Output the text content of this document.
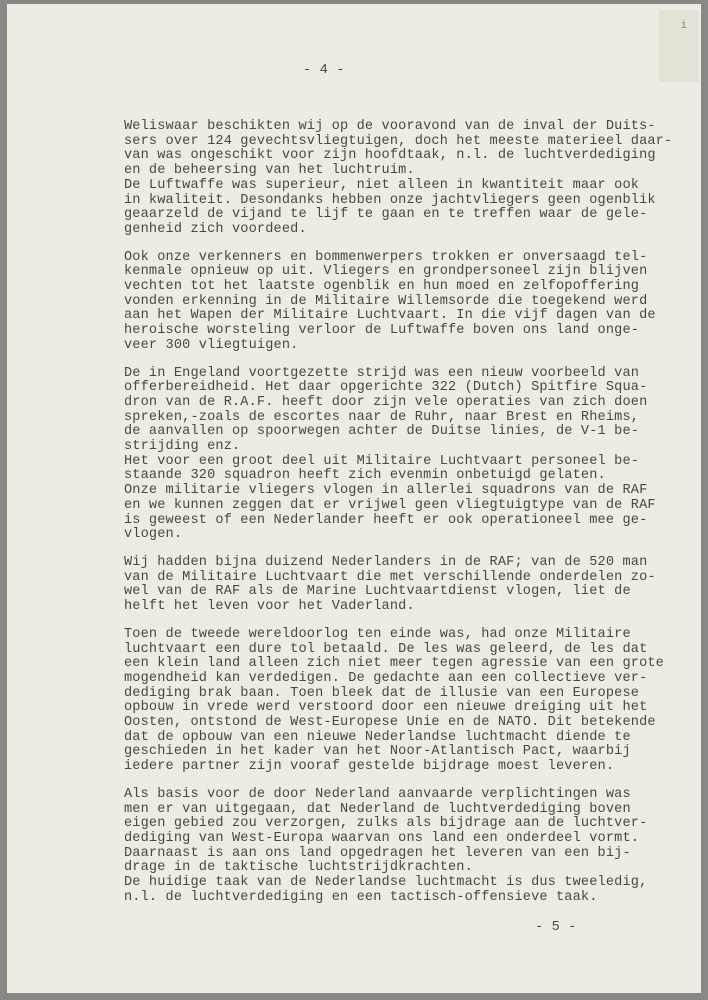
i
- 4 -
Weliswaar beschikten wij op de vooravond van de inval der Duits-
sers over 124 gevechtsvliegtuigen, doch het meeste materieel daar-
van was ongeschikt voor zijn hoofdtaak, n.l. de luchtverdediging
en de beheersing van het luchtruim.
De Luftwaffe was superieur, niet alleen in kwantiteit maar ook
in kwaliteit. Desondanks hebben onze jachtvliegers geen ogenblik
geaarzeld de vijand te lijf te gaan en te treffen waar de gele-
genheid zich voordeed.
Ook onze verkenners en bommenwerpers trokken er onversaagd tel-
kenmale opnieuw op uit. Vliegers en grondpersoneel zijn blijven
vechten tot het laatste ogenblik en hun moed en zelfopoffering
vonden erkenning in de Militaire Willemsorde die toegekend werd
aan het Wapen der Militaire Luchtvaart. In die vijf dagen van de
heroische worsteling verloor de Luftwaffe boven ons land onge-
veer 300 vliegtuigen.
De in Engeland voortgezette strijd was een nieuw voorbeeld van
offerbereidheid. Het daar opgerichte 322 (Dutch) Spitfire Squa-
dron van de R.A.F. heeft door zijn vele operaties van zich doen
spreken,-zoals de escortes naar de Ruhr, naar Brest en Rheims,
de aanvallen op spoorwegen achter de Duitse linies, de V-1 be-
strijding enz.
Het voor een groot deel uit Militaire Luchtvaart personeel be-
staande 320 squadron heeft zich evenmin onbetuigd gelaten.
Onze militarie vliegers vlogen in allerlei squadrons van de RAF
en we kunnen zeggen dat er vrijwel geen vliegtuigtype van de RAF
is geweest of een Nederlander heeft er ook operationeel mee ge-
vlogen.
Wij hadden bijna duizend Nederlanders in de RAF; van de 520 man
van de Militaire Luchtvaart die met verschillende onderdelen zo-
wel van de RAF als de Marine Luchtvaartdienst vlogen, liet de
helft het leven voor het Vaderland.
Toen de tweede wereldoorlog ten einde was, had onze Militaire
luchtvaart een dure tol betaald. De les was geleerd, de les dat
een klein land alleen zich niet meer tegen agressie van een grote
mogendheid kan verdedigen. De gedachte aan een collectieve ver-
dediging brak baan. Toen bleek dat de illusie van een Europese
opbouw in vrede werd verstoord door een nieuwe dreiging uit het
Oosten, ontstond de West-Europese Unie en de NATO. Dit betekende
dat de opbouw van een nieuwe Nederlandse luchtmacht diende te
geschieden in het kader van het Noor-Atlantisch Pact, waarbij
iedere partner zijn vooraf gestelde bijdrage moest leveren.
Als basis voor de door Nederland aanvaarde verplichtingen was
men er van uitgegaan, dat Nederland de luchtverdediging boven
eigen gebied zou verzorgen, zulks als bijdrage aan de luchtver-
dediging van West-Europa waarvan ons land een onderdeel vormt.
Daarnaast is aan ons land opgedragen het leveren van een bij-
drage in de taktische luchtstrijdkrachten.
De huidige taak van de Nederlandse luchtmacht is dus tweeledig,
n.l. de luchtverdediging en een tactisch-offensieve taak.
- 5 -
